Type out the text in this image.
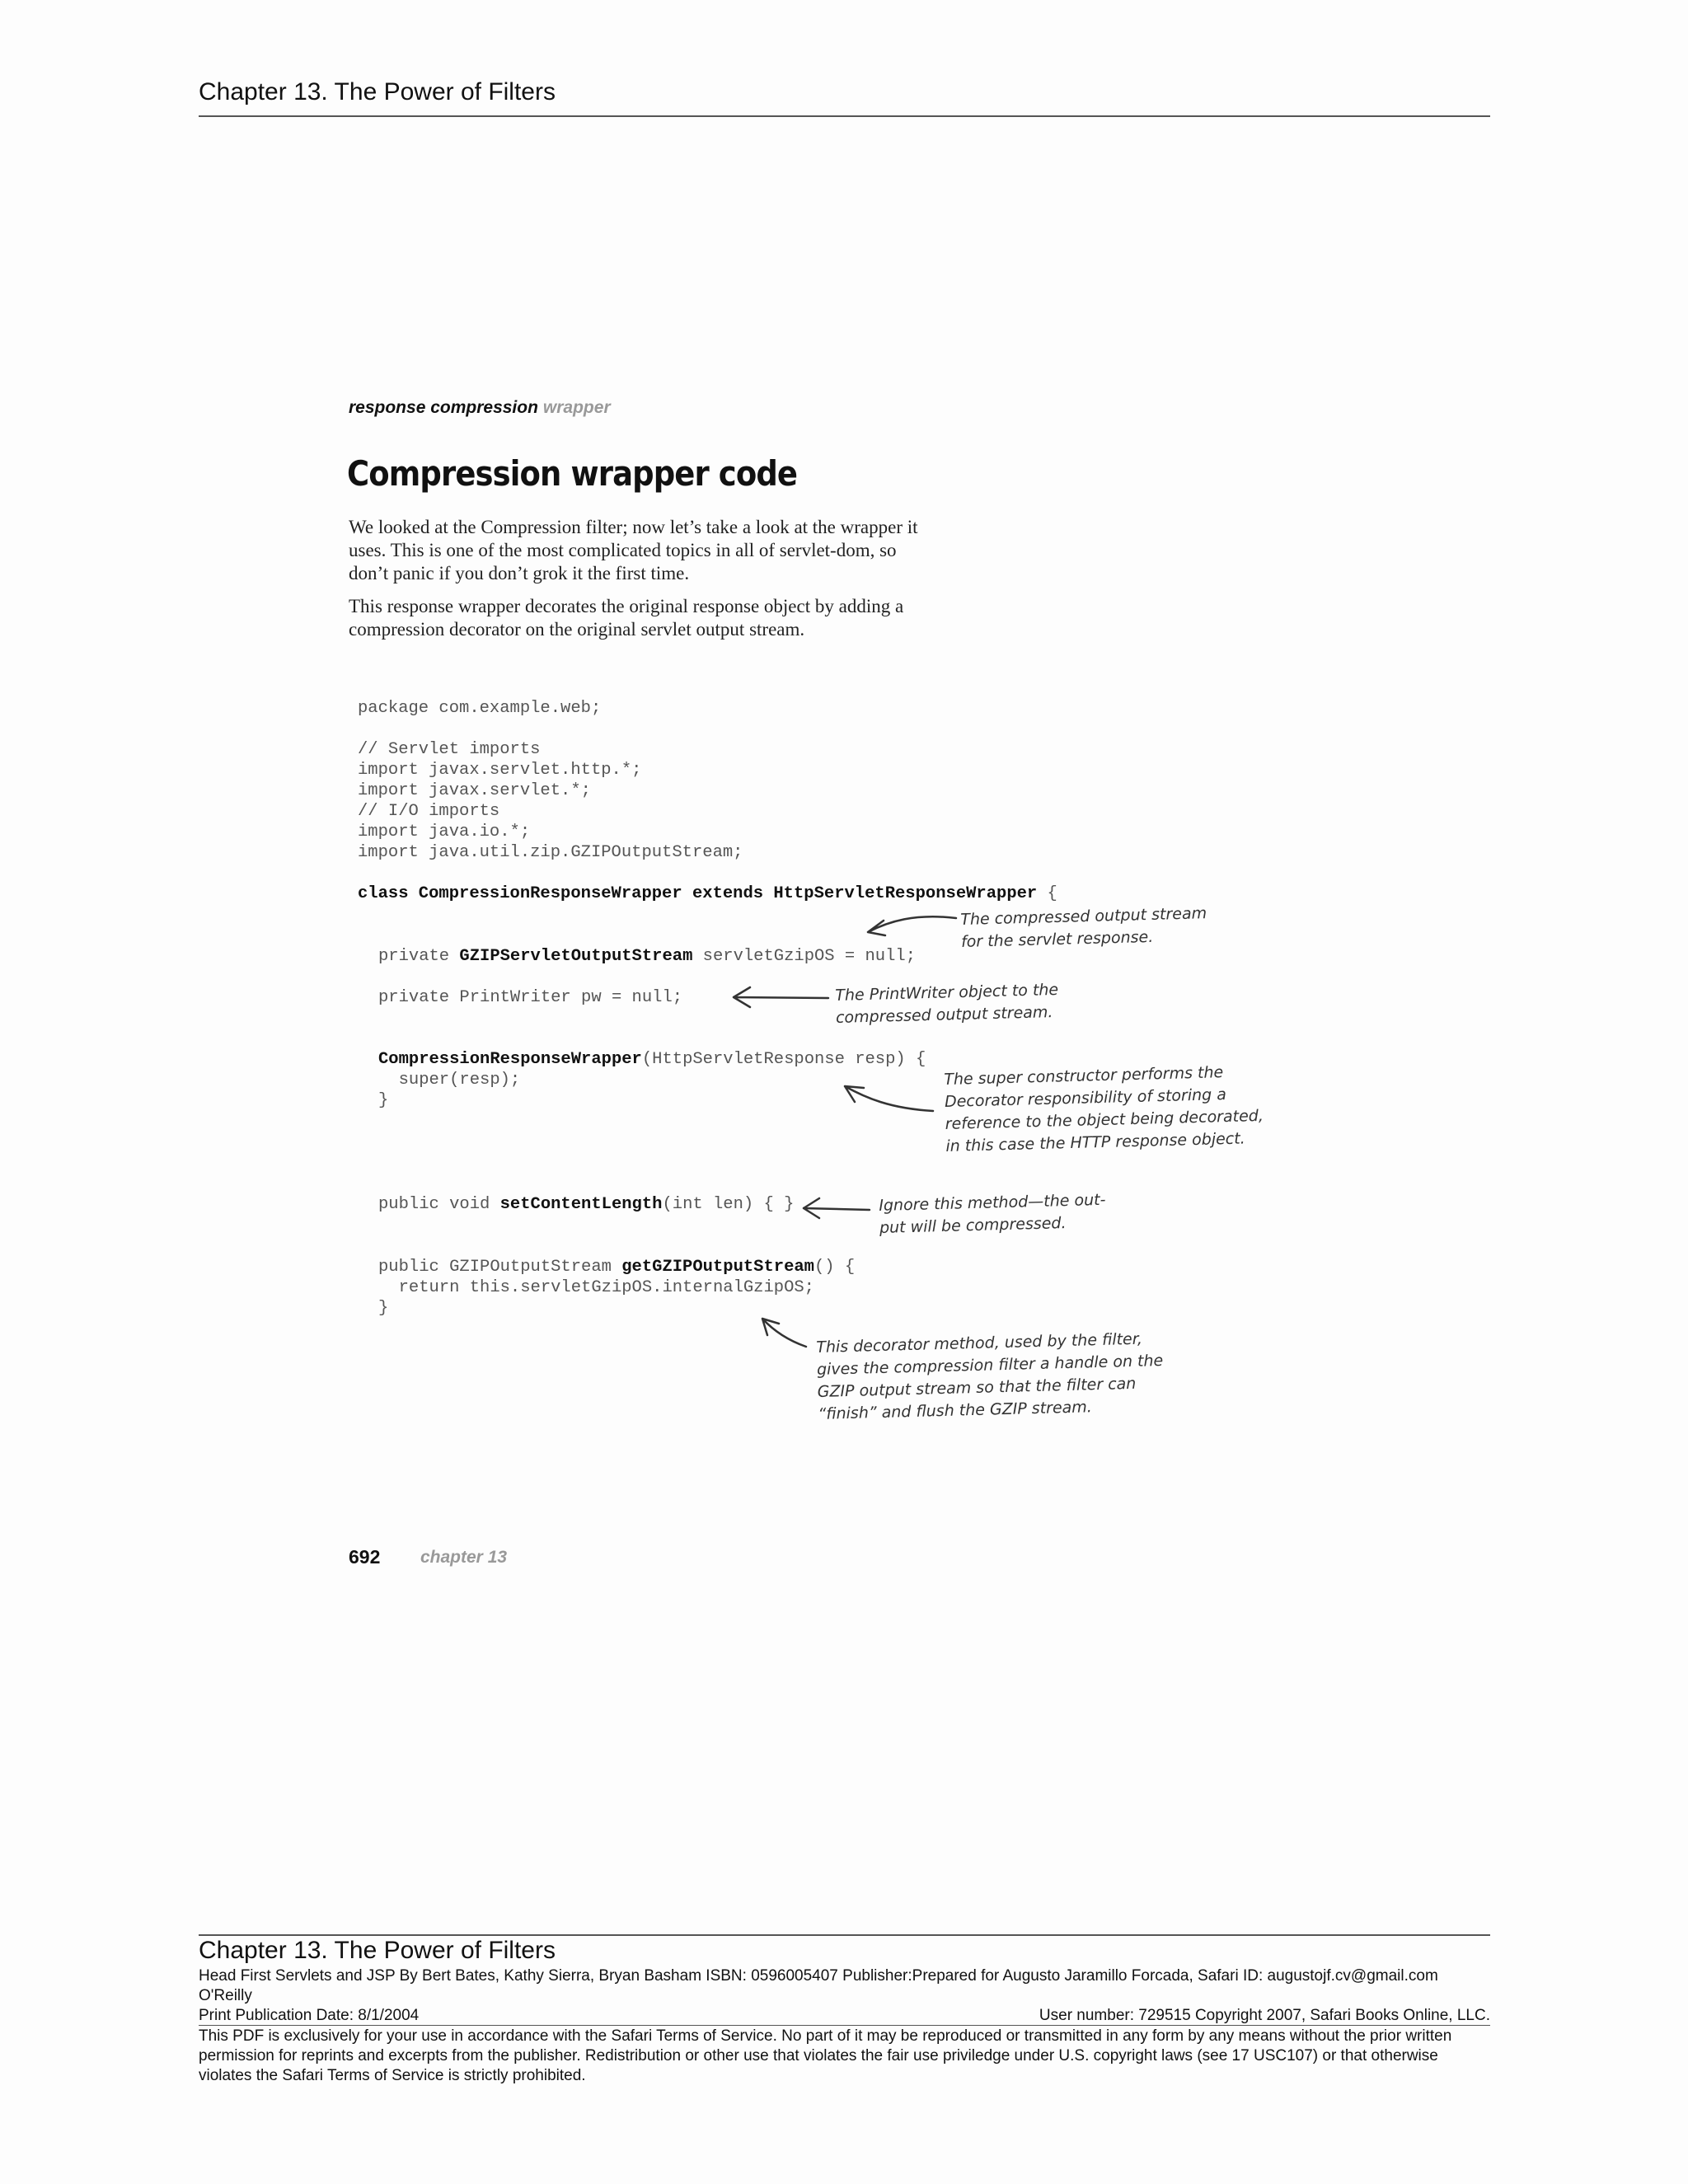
Chapter 13. The Power of Filters
response compression wrapper
Compression wrapper code
We looked at the Compression filter; now let’s take a look at the wrapper it uses. This is one of the most complicated topics in all of servlet-dom, so don’t panic if you don’t grok it the first time.
This response wrapper decorates the original response object by adding a compression decorator on the original servlet output stream.
package com.example.web;
// Servlet imports
import javax.servlet.http.*;
import javax.servlet.*;
// I/O imports
import java.io.*;
import java.util.zip.GZIPOutputStream;
class CompressionResponseWrapper extends HttpServletResponseWrapper {
private GZIPServletOutputStream servletGzipOS = null;
private PrintWriter pw = null;
CompressionResponseWrapper(HttpServletResponse resp) {
super(resp);
}
public void setContentLength(int len) { }
public GZIPOutputStream getGZIPOutputStream() {
return this.servletGzipOS.internalGzipOS;
}
The compressed output stream
for the servlet response.
The PrintWriter object to the
compressed output stream.
The super constructor performs the
Decorator responsibility of storing a
reference to the object being decorated,
in this case the HTTP response object.
Ignore this method—the out-
put will be compressed.
This decorator method, used by the filter,
gives the compression filter a handle on the
GZIP output stream so that the filter can
“finish” and flush the GZIP stream.
692 chapter 13
Chapter 13. The Power of Filters
Head First Servlets and JSP By Bert Bates, Kathy Sierra, Bryan Basham ISBN: 0596005407 Publisher:Prepared for Augusto Jaramillo Forcada, Safari ID: augustojf.cv@gmail.com
O'Reilly
Print Publication Date: 8/1/2004	User number: 729515 Copyright 2007, Safari Books Online, LLC.
This PDF is exclusively for your use in accordance with the Safari Terms of Service. No part of it may be reproduced or transmitted in any form by any means without the prior written permission for reprints and excerpts from the publisher. Redistribution or other use that violates the fair use priviledge under U.S. copyright laws (see 17 USC107) or that otherwise violates the Safari Terms of Service is strictly prohibited.
